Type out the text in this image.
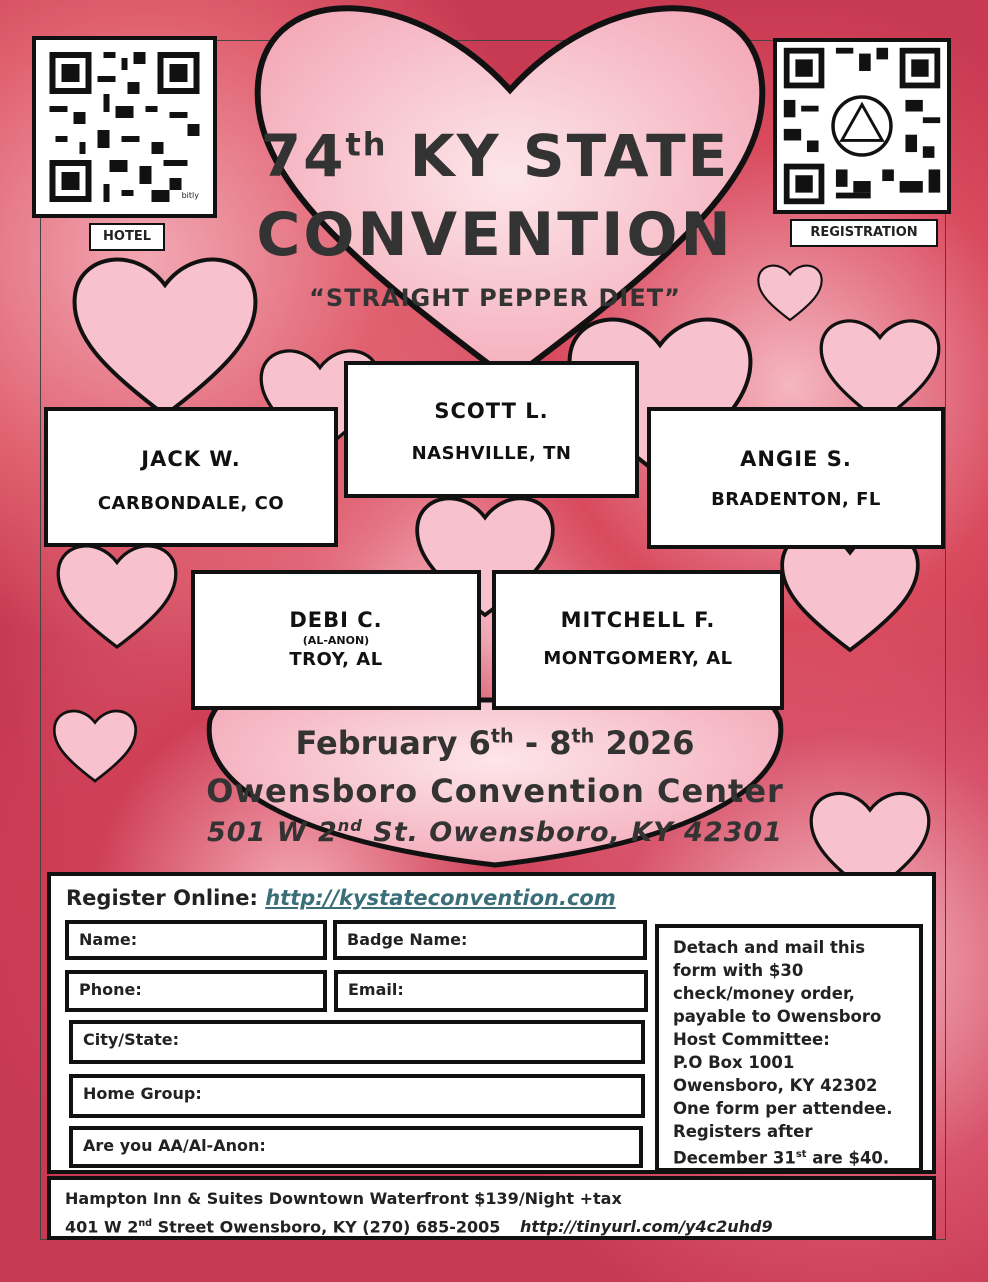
bitly
HOTEL	REGISTRATION
74th KY STATE
CONVENTION
“STRAIGHT PEPPER DIET”
JACK W.
CARBONDALE, CO
SCOTT L.
NASHVILLE, TN	ANGIE S.
BRADENTON, FL
DEBI C.
(AL-ANON)
TROY, AL
MITCHELL F.
MONTGOMERY, AL
February 6th - 8th 2026
Owensboro Convention Center
501 W 2nd St. Owensboro, KY 42301
Register Online: http://kystateconvention.com
Name:	Badge Name:
Phone:	Email:
City/State:
Home Group:
Are you AA/Al-Anon:
Detach and mail this
form with $30
check/money order,
payable to Owensboro
Host Committee:
P.O Box 1001
Owensboro, KY 42302
One form per attendee.
Registers after
December 31st are $40.
Hampton Inn & Suites Downtown Waterfront $139/Night +tax
401 W 2nd Street Owensboro, KY (270) 685-2005 http://tinyurl.com/y4c2uhd9
